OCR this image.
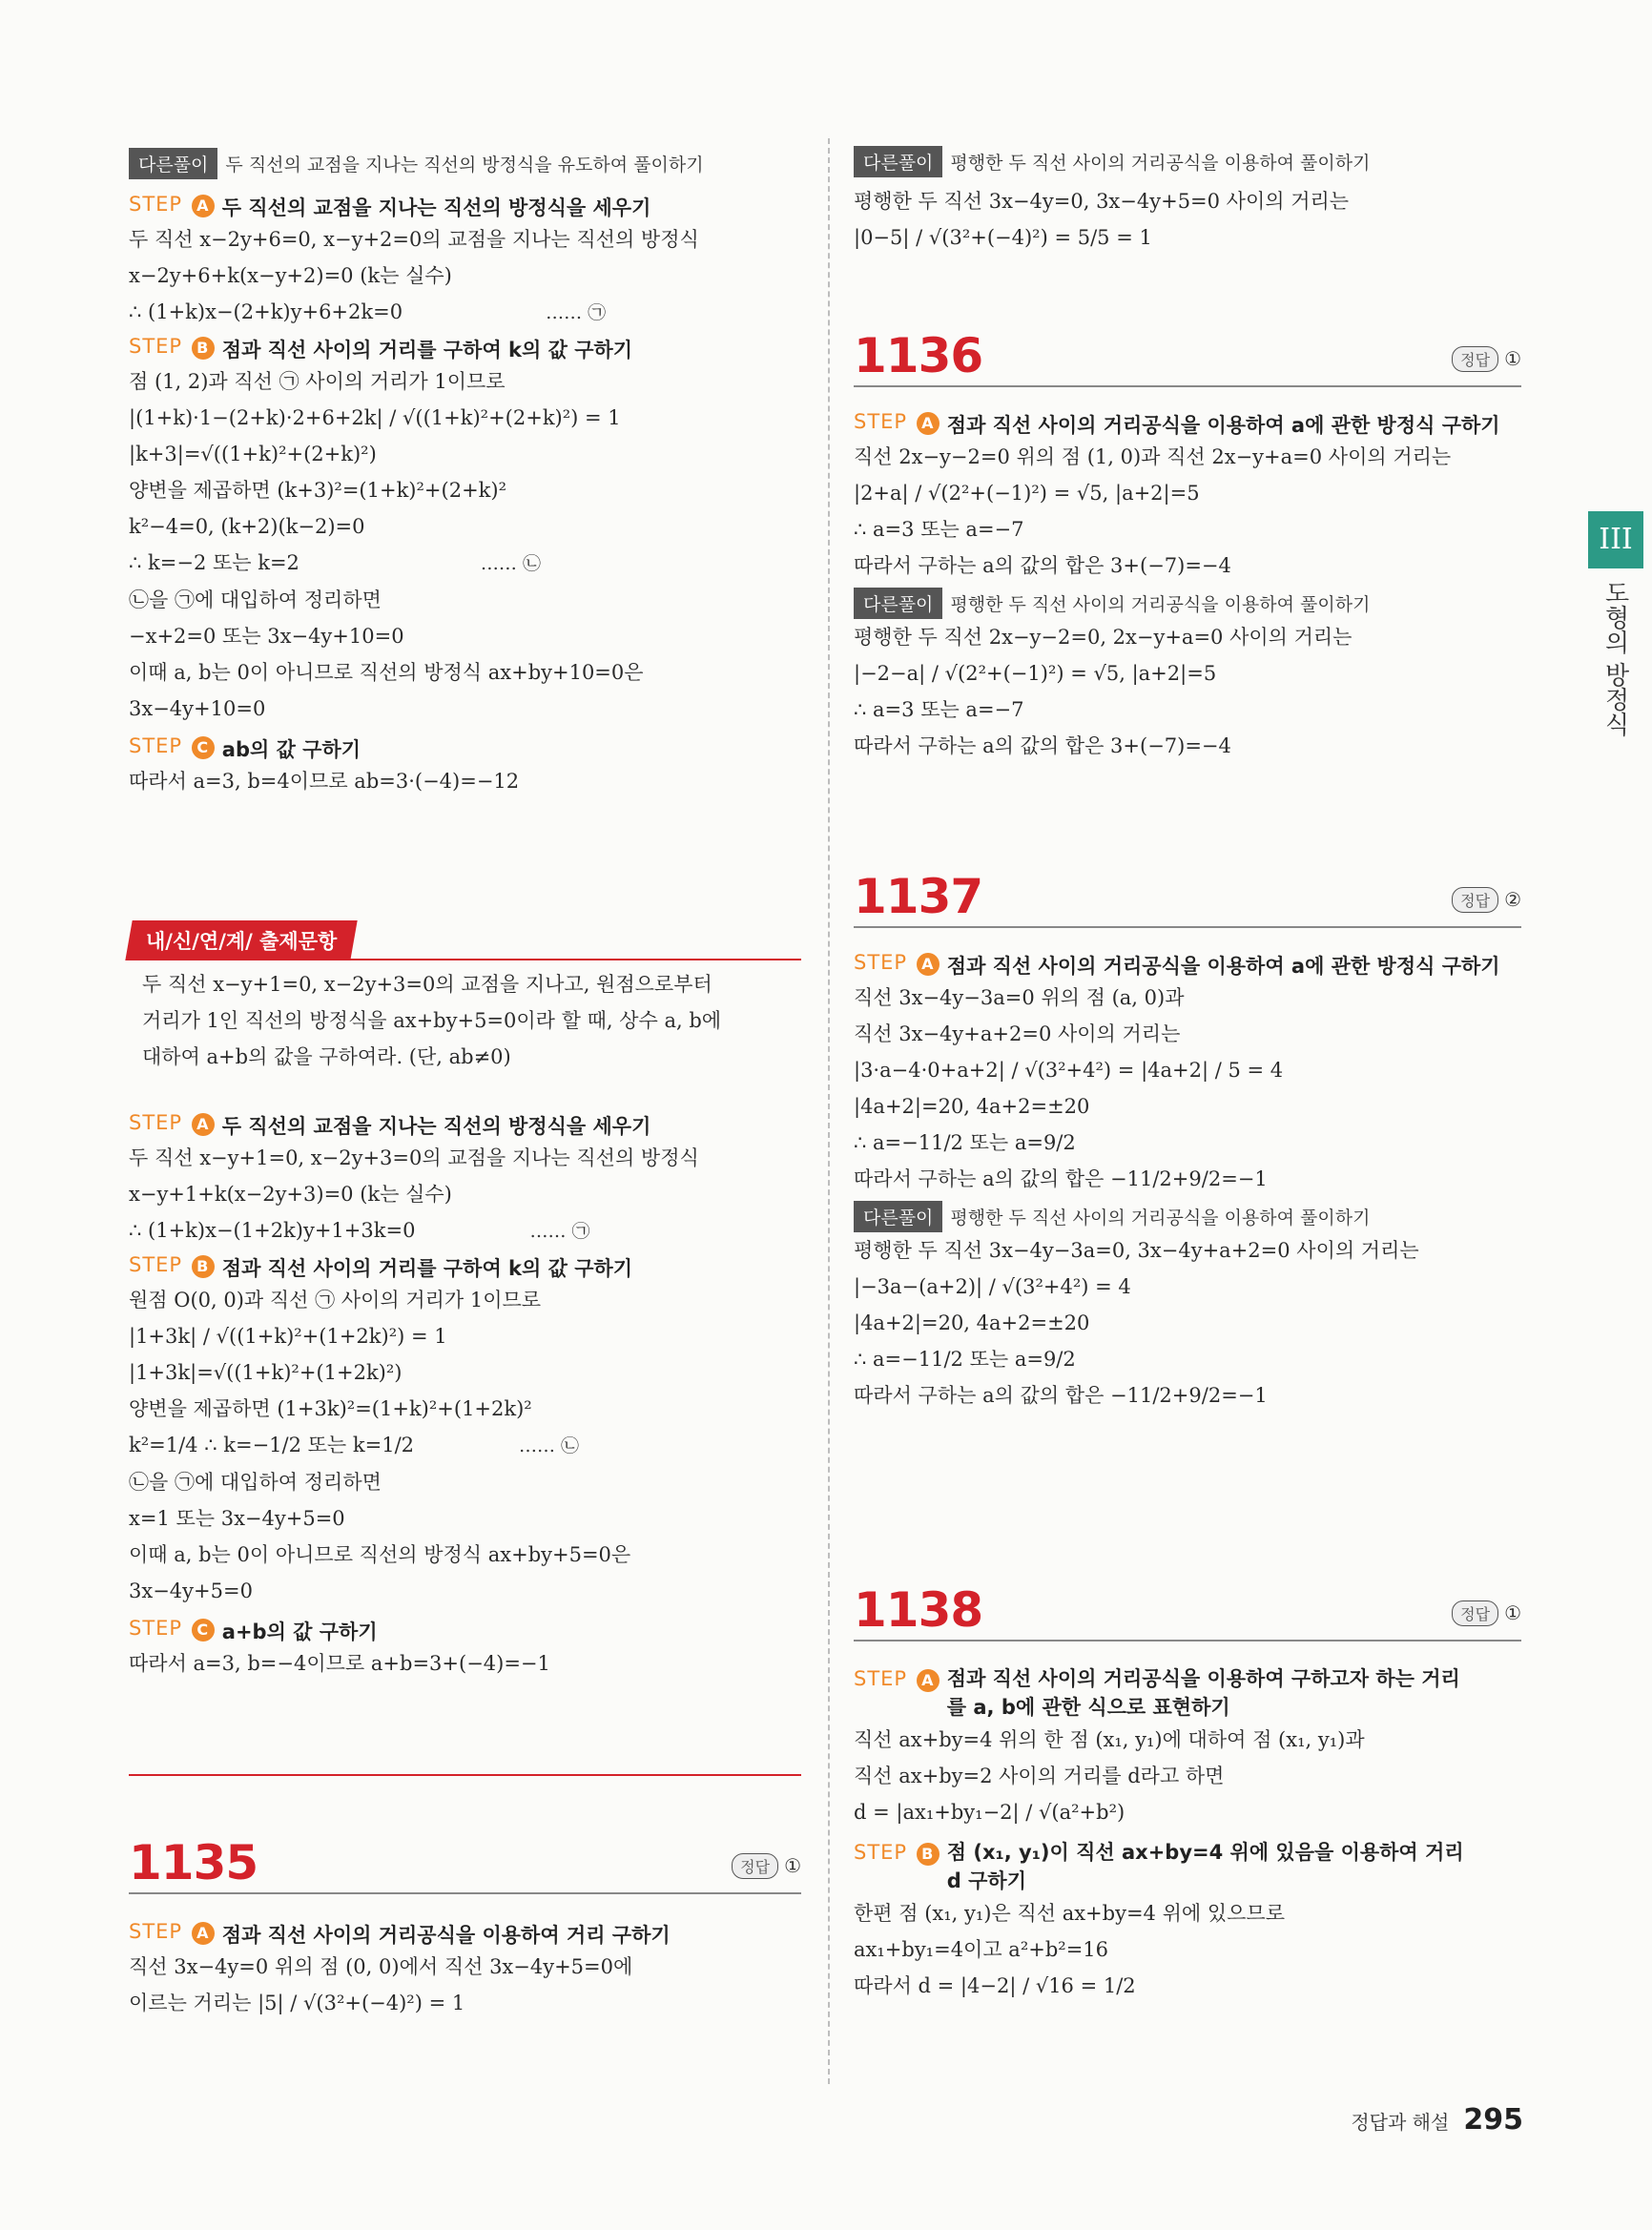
다른풀이 두 직선의 교점을 지나는 직선의 방정식을 유도하여 풀이하기
STEP A 두 직선의 교점을 지나는 직선의 방정식을 세우기
두 직선 x−2y+6=0, x−y+2=0의 교점을 지나는 직선의 방정식
x−2y+6+k(x−y+2)=0 (k는 실수)
∴ (1+k)x−(2+k)y+6+2k=0	…… ㉠
STEP B 점과 직선 사이의 거리를 구하여 k의 값 구하기
점 (1, 2)과 직선 ㉠ 사이의 거리가 1이므로
|(1+k)·1−(2+k)·2+6+2k| / √((1+k)²+(2+k)²) = 1
|k+3|=√((1+k)²+(2+k)²)
양변을 제곱하면 (k+3)²=(1+k)²+(2+k)²
k²−4=0, (k+2)(k−2)=0
∴ k=−2 또는 k=2	…… ㉡
㉡을 ㉠에 대입하여 정리하면
−x+2=0 또는 3x−4y+10=0
이때 a, b는 0이 아니므로 직선의 방정식 ax+by+10=0은
3x−4y+10=0
STEP C ab의 값 구하기
따라서 a=3, b=4이므로 ab=3·(−4)=−12
내/신/연/계/ 출제문항
두 직선 x−y+1=0, x−2y+3=0의 교점을 지나고, 원점으로부터
거리가 1인 직선의 방정식을 ax+by+5=0이라 할 때, 상수 a, b에
대하여 a+b의 값을 구하여라. (단, ab≠0)
STEP A 두 직선의 교점을 지나는 직선의 방정식을 세우기
두 직선 x−y+1=0, x−2y+3=0의 교점을 지나는 직선의 방정식
x−y+1+k(x−2y+3)=0 (k는 실수)
∴ (1+k)x−(1+2k)y+1+3k=0	…… ㉠
STEP B 점과 직선 사이의 거리를 구하여 k의 값 구하기
원점 O(0, 0)과 직선 ㉠ 사이의 거리가 1이므로
|1+3k| / √((1+k)²+(1+2k)²) = 1
|1+3k|=√((1+k)²+(1+2k)²)
양변을 제곱하면 (1+3k)²=(1+k)²+(1+2k)²
k²=1/4 ∴ k=−1/2 또는 k=1/2	…… ㉡
㉡을 ㉠에 대입하여 정리하면
x=1 또는 3x−4y+5=0
이때 a, b는 0이 아니므로 직선의 방정식 ax+by+5=0은
3x−4y+5=0
STEP C a+b의 값 구하기
따라서 a=3, b=−4이므로 a+b=3+(−4)=−1
1135	정답 ①
STEP A 점과 직선 사이의 거리공식을 이용하여 거리 구하기
직선 3x−4y=0 위의 점 (0, 0)에서 직선 3x−4y+5=0에
이르는 거리는 |5| / √(3²+(−4)²) = 1
다른풀이 평행한 두 직선 사이의 거리공식을 이용하여 풀이하기
평행한 두 직선 3x−4y=0, 3x−4y+5=0 사이의 거리는
|0−5| / √(3²+(−4)²) = 5/5 = 1
1136	정답 ①
STEP A 점과 직선 사이의 거리공식을 이용하여 a에 관한 방정식 구하기
직선 2x−y−2=0 위의 점 (1, 0)과 직선 2x−y+a=0 사이의 거리는
|2+a| / √(2²+(−1)²) = √5, |a+2|=5
∴ a=3 또는 a=−7
따라서 구하는 a의 값의 합은 3+(−7)=−4
다른풀이 평행한 두 직선 사이의 거리공식을 이용하여 풀이하기
평행한 두 직선 2x−y−2=0, 2x−y+a=0 사이의 거리는
|−2−a| / √(2²+(−1)²) = √5, |a+2|=5
∴ a=3 또는 a=−7
따라서 구하는 a의 값의 합은 3+(−7)=−4
1137	정답 ②
STEP A 점과 직선 사이의 거리공식을 이용하여 a에 관한 방정식 구하기
직선 3x−4y−3a=0 위의 점 (a, 0)과
직선 3x−4y+a+2=0 사이의 거리는
|3·a−4·0+a+2| / √(3²+4²) = |4a+2| / 5 = 4
|4a+2|=20, 4a+2=±20
∴ a=−11/2 또는 a=9/2
따라서 구하는 a의 값의 합은 −11/2+9/2=−1
다른풀이 평행한 두 직선 사이의 거리공식을 이용하여 풀이하기
평행한 두 직선 3x−4y−3a=0, 3x−4y+a+2=0 사이의 거리는
|−3a−(a+2)| / √(3²+4²) = 4
|4a+2|=20, 4a+2=±20
∴ a=−11/2 또는 a=9/2
따라서 구하는 a의 값의 합은 −11/2+9/2=−1
1138	정답 ①
STEP A 점과 직선 사이의 거리공식을 이용하여 구하고자 하는 거리를 a, b에 관한 식으로 표현하기
직선 ax+by=4 위의 한 점 (x₁, y₁)에 대하여 점 (x₁, y₁)과
직선 ax+by=2 사이의 거리를 d라고 하면
d = |ax₁+by₁−2| / √(a²+b²)
STEP B 점 (x₁, y₁)이 직선 ax+by=4 위에 있음을 이용하여 거리 d 구하기
한편 점 (x₁, y₁)은 직선 ax+by=4 위에 있으므로
ax₁+by₁=4이고 a²+b²=16
따라서 d = |4−2| / √16 = 1/2
III
도형의 방정식
정답과 해설 295
